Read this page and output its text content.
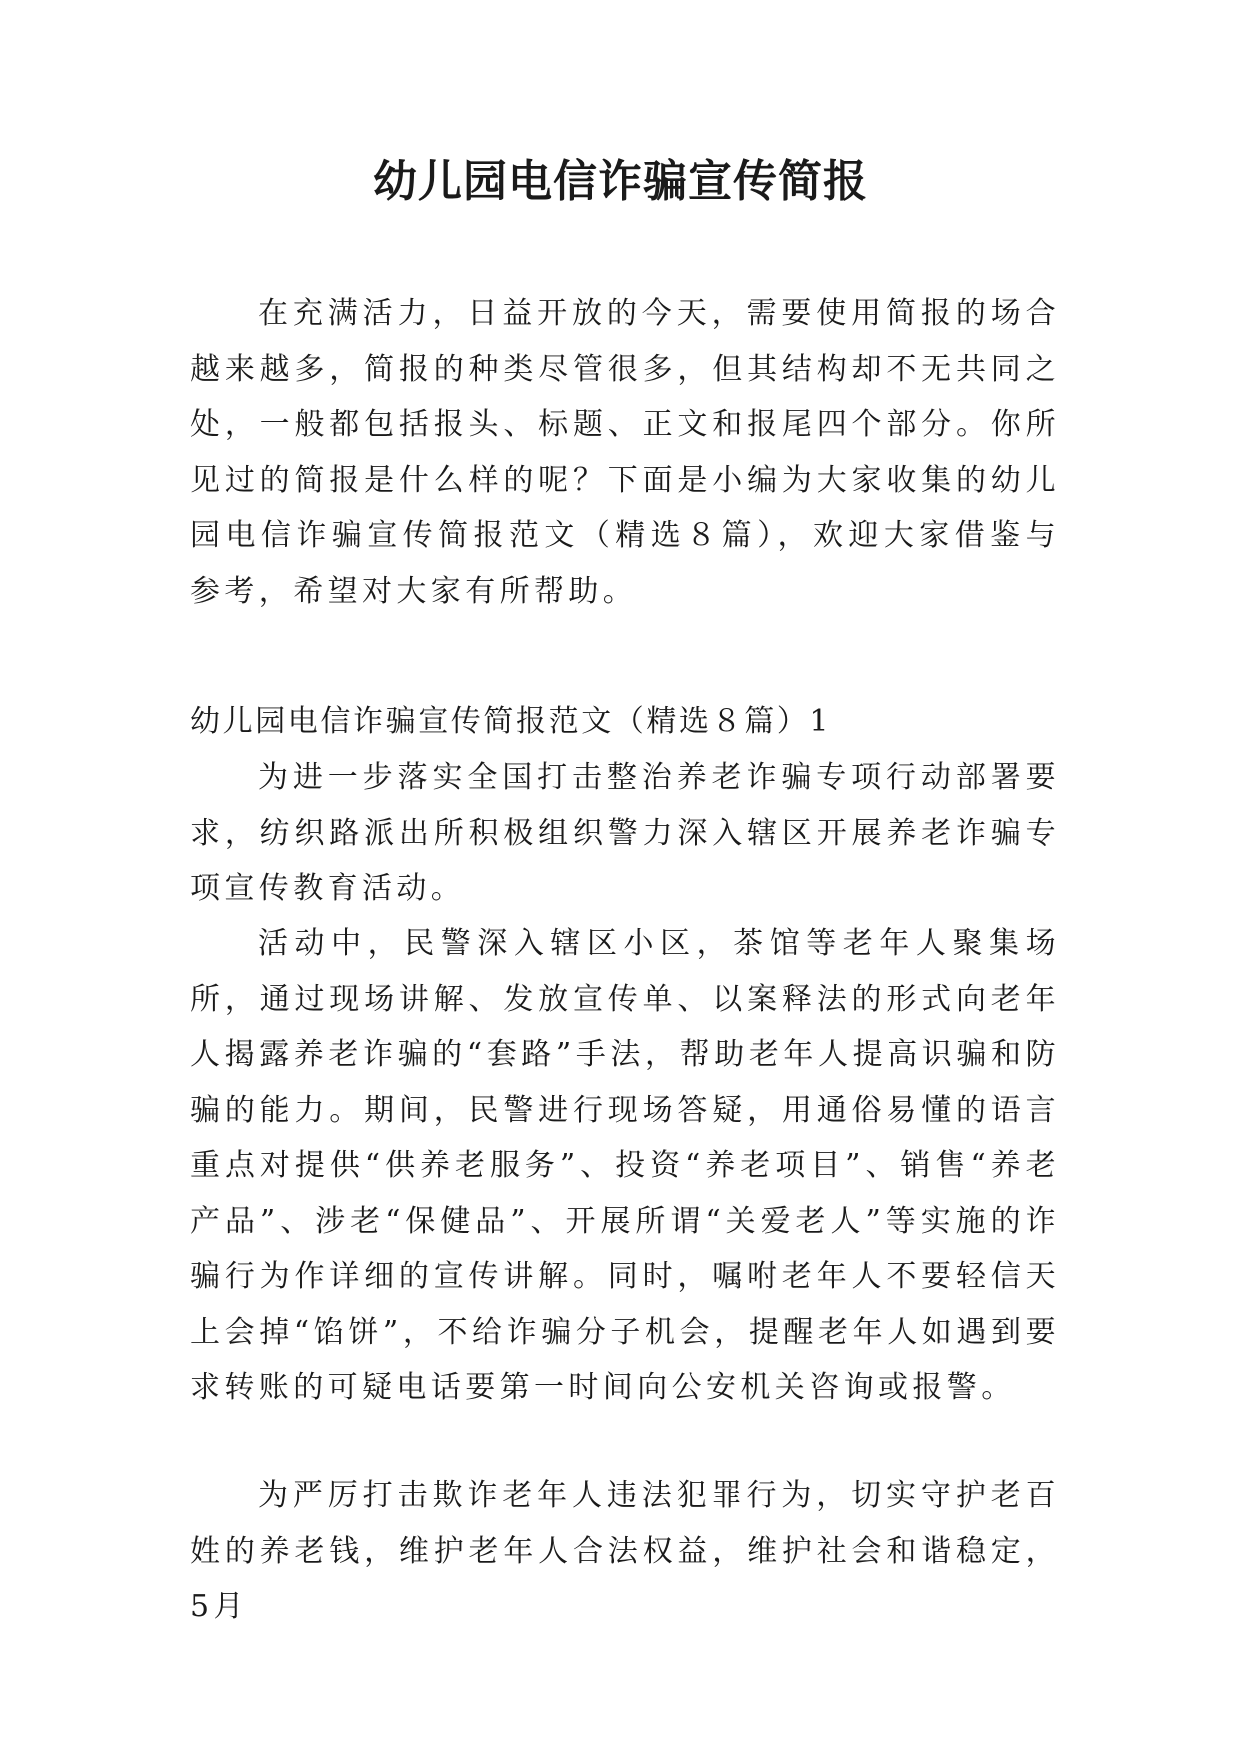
幼儿园电信诈骗宣传简报

在充满活力，日益开放的今天，需要使用简报的场合越来越多，简报的种类尽管很多，但其结构却不无共同之处，一般都包括报头、标题、正文和报尾四个部分。你所见过的简报是什么样的呢？下面是小编为大家收集的幼儿园电信诈骗宣传简报范文（精选８篇），欢迎大家借鉴与参考，希望对大家有所帮助。

幼儿园电信诈骗宣传简报范文（精选８篇）1

为进一步落实全国打击整治养老诈骗专项行动部署要求，纺织路派出所积极组织警力深入辖区开展养老诈骗专项宣传教育活动。

活动中，民警深入辖区小区，茶馆等老年人聚集场所，通过现场讲解、发放宣传单、以案释法的形式向老年人揭露养老诈骗的“套路”手法，帮助老年人提高识骗和防骗的能力。期间，民警进行现场答疑，用通俗易懂的语言重点对提供“供养老服务”、投资“养老项目”、销售“养老产品”、涉老“保健品”、开展所谓“关爱老人”等实施的诈骗行为作详细的宣传讲解。同时，嘱咐老年人不要轻信天上会掉“馅饼”，不给诈骗分子机会，提醒老年人如遇到要求转账的可疑电话要第一时间向公安机关咨询或报警。

为严厉打击欺诈老年人违法犯罪行为，切实守护老百姓的养老钱，维护老年人合法权益，维护社会和谐稳定，5月
